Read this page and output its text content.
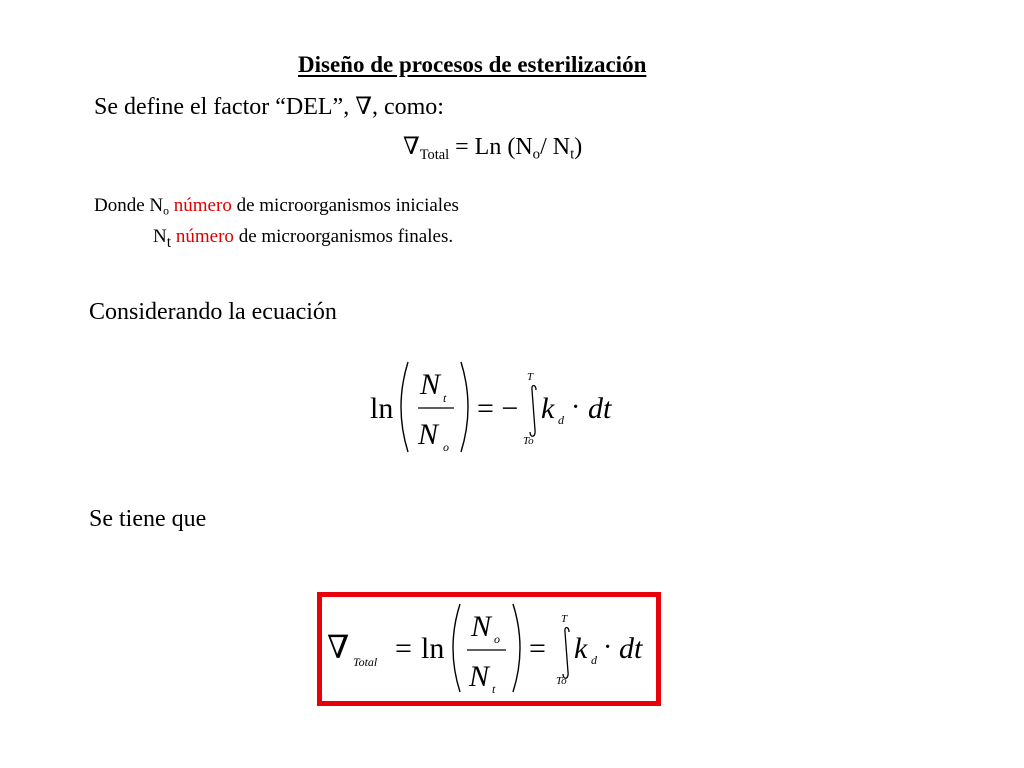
Diseño de procesos de esterilización
Se define el factor “DEL”, ∇, como:
$\nabla_{Total} = Ln$ ($N_o/$ $N_t$)
Donde $N_o$ número de microorganismos iniciales
$N_t$ número de microorganismos finales.
Considerando la ecuación
ln
N t
N o
= −
T
To
k d · dt
Se tiene que
∇ Total = ln
N o
N t
=
T
To
k d · dt
